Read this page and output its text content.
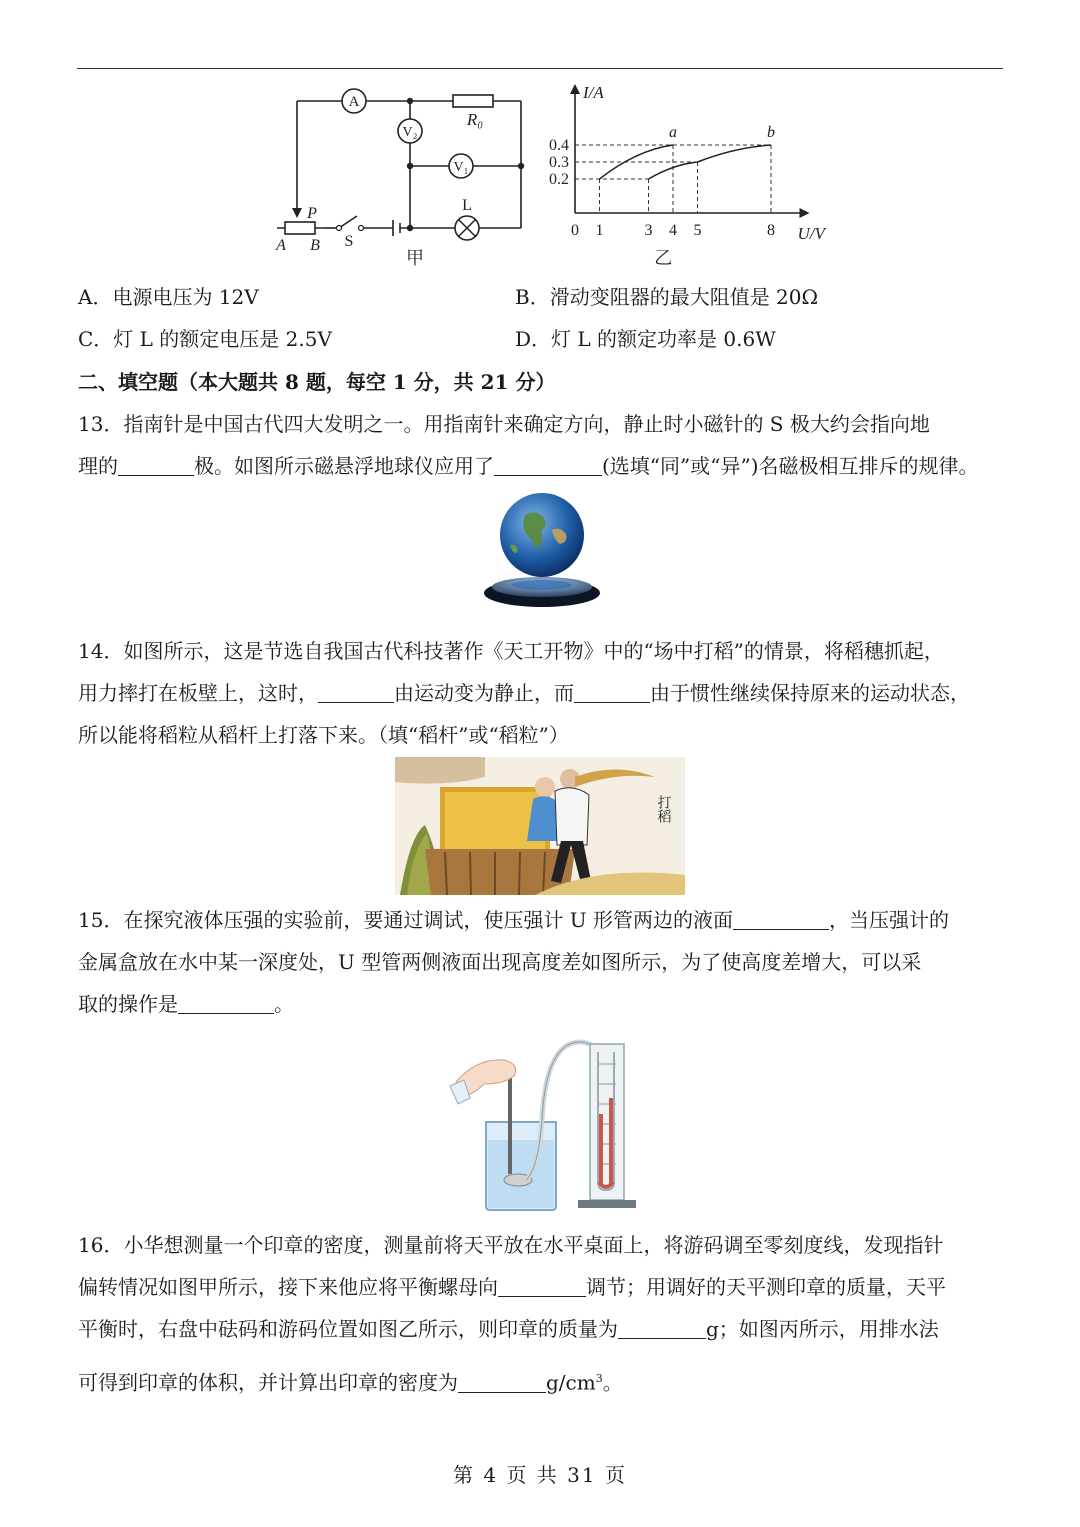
A
V₂
V₁
R₀
L
P
A B S
甲
I/A
U/V
0 1	3 4 5	8
0.4
0.3
0.2
a	b
乙
A．电源电压为 12V	B．滑动变阻器的最大阻值是 20Ω
C．灯 L 的额定电压是 2.5V	D．灯 L 的额定功率是 0.6W
二、填空题（本大题共 8 题，每空 1 分，共 21 分）
13．指南针是中国古代四大发明之一。用指南针来确定方向，静止时小磁针的 S 极大约会指向地
理的	极。如图所示磁悬浮地球仪应用了	(选填“同”或“异”)名磁极相互排斥的规律。
14．如图所示，这是节选自我国古代科技著作《天工开物》中的“场中打稻”的情景，将稻穗抓起，
用力摔打在板壁上，这时，	由运动变为静止，而	由于惯性继续保持原来的运动状态，
所以能将稻粒从稻杆上打落下来。（填“稻杆”或“稻粒”）
打稻
15．在探究液体压强的实验前，要通过调试，使压强计 U 形管两边的液面	，当压强计的
金属盒放在水中某一深度处，U 型管两侧液面出现高度差如图所示，为了使高度差增大，可以采
取的操作是	。
16．小华想测量一个印章的密度，测量前将天平放在水平桌面上，将游码调至零刻度线，发现指针
偏转情况如图甲所示，接下来他应将平衡螺母向	调节；用调好的天平测印章的质量，天平
平衡时，右盘中砝码和游码位置如图乙所示，则印章的质量为	g；如图丙所示，用排水法
可得到印章的体积，并计算出印章的密度为	$g/cm^3$。
第 4 页 共 31 页
